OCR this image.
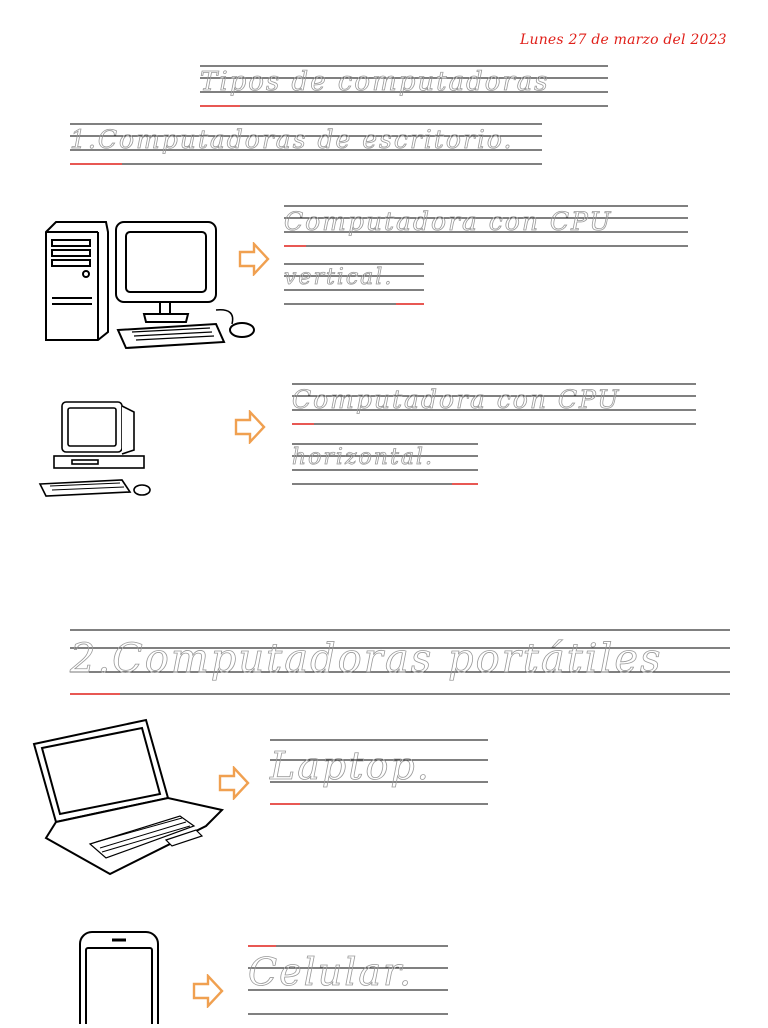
Lunes 27 de marzo del 2023
Tipos de computadoras
1.Computadoras de escritorio.
Computadora con CPU
vertical.
Computadora con CPU
horizontal.
2.Computadoras portátiles
Laptop.
Celular.
